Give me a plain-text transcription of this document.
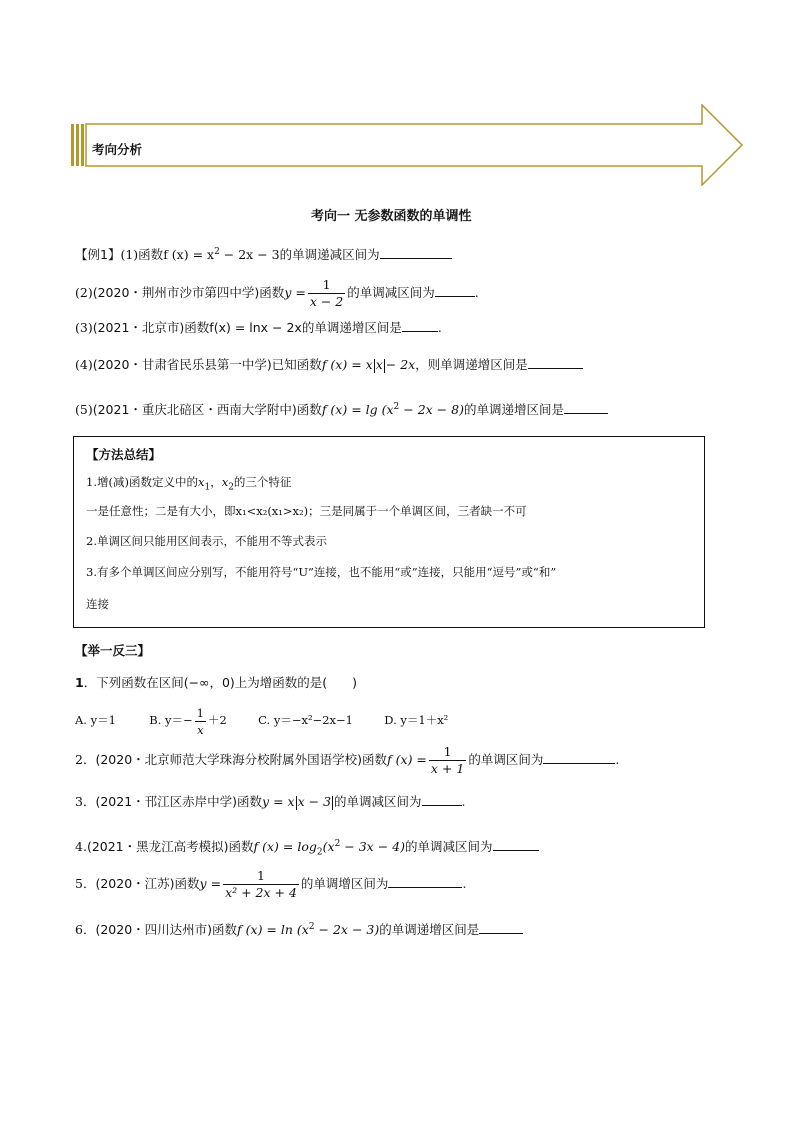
考向分析
考向一 无参数函数的单调性
【例1】(1)函数f $(x) = x^2 - 2x - 3$的单调递减区间为
(2)(2020・荆州市沙市第四中学)函数$y = \frac{1}{x - 2}$ 的单调减区间为	.
(3)(2021・北京市)函数f(x) = lnx − 2x的单调递增区间是	.
(4)(2020・甘肃省民乐县第一中学)已知函数f (x) = x x − 2x，则单调递增区间是
(5)(2021・重庆北碚区・西南大学附中)函数f $(x) = \lg (x^2 - 2x - 8)$的单调递增区间是
【方法总结】
1.增(减)函数定义中的$x_1$，$x_2$的三个特征
一是任意性；二是有大小，即x₁<x₂(x₁>x₂)；三是同属于一个单调区间，三者缺一不可
2.单调区间只能用区间表示，不能用不等式表示
3.有多个单调区间应分别写，不能用符号“U”连接，也不能用“或”连接，只能用“逗号”或“和”
连接
【举一反三】
1．下列函数在区间(−∞，0)上为增函数的是(　　)
A. y＝1	B. $y=- \frac{1}{x} +2$	C. y＝−x²−2x−1	D. y＝1＋x²
2．(2020・北京师范大学珠海分校附属外国语学校)函数f $(x) = \frac{1}{x + 1}$ 的单调区间为	.
3．(2021・邗江区赤岸中学)函数y = x x − 3 的单调减区间为	.
4.(2021・黑龙江高考模拟)函数f $(x) = \log_2(x^2 - 3x - 4)$的单调减区间为
5．(2020・江苏)函数$y = \frac{1}{\text{x² + 2x + 4}}$ 的单调增区间为	.
6．(2020・四川达州市)函数f $(x) = \ln (x^2 - 2x - 3)$的单调递增区间是
